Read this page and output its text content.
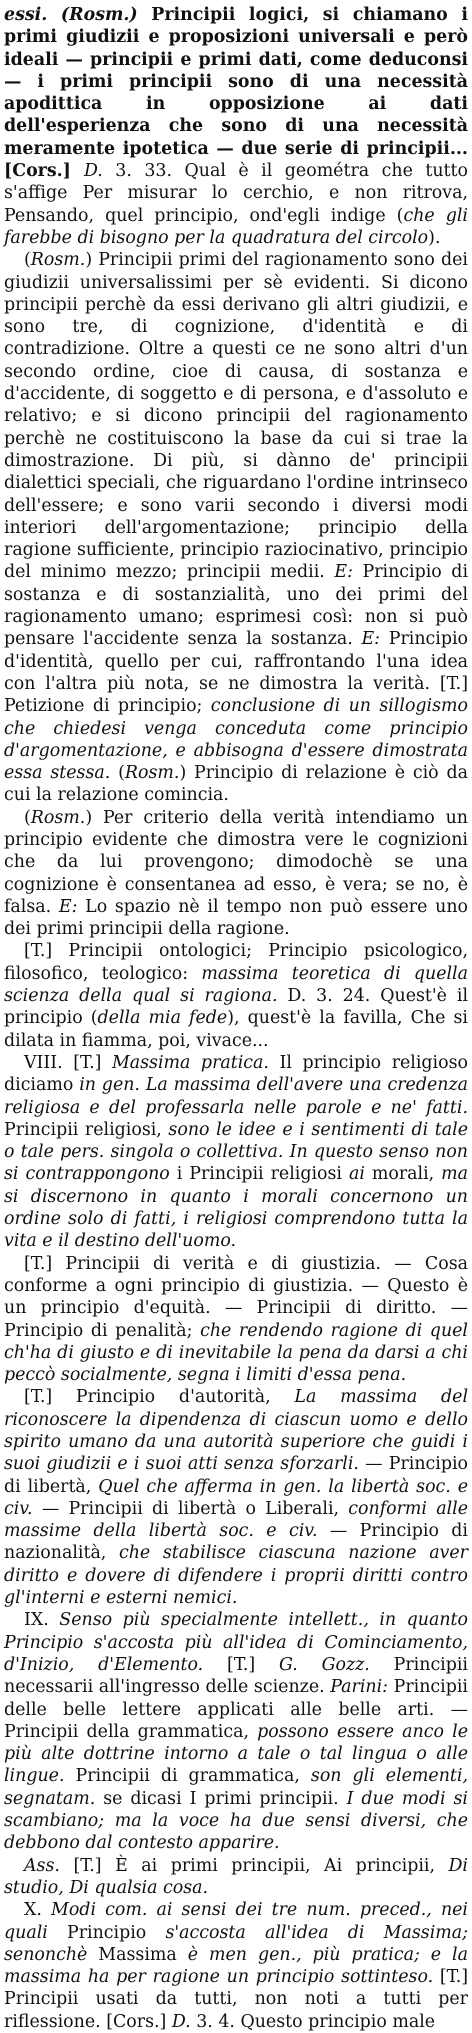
essi. (Rosm.) Principii logici, si chiamano i primi giudizii e proposizioni universali e però ideali — principii e primi dati, come deduconsi — i primi principii sono di una necessità apodittica in opposizione ai dati dell'esperienza che sono di una necessità meramente ipotetica — due serie di principii... [Cors.] D. 3. 33. Qual è il geométra che tutto s'affige Per misurar lo cerchio, e non ritrova, Pensando, quel principio, ond'egli indige (che gli farebbe di bisogno per la quadratura del circolo).

(Rosm.) Principii primi del ragionamento sono dei giudizii universalissimi per sè evidenti. Si dicono principii perchè da essi derivano gli altri giudizii, e sono tre, di cognizione, d'identità e di contradizione. Oltre a questi ce ne sono altri d'un secondo ordine, cioe di causa, di sostanza e d'accidente, di soggetto e di persona, e d'assoluto e relativo; e si dicono principii del ragionamento perchè ne costituiscono la base da cui si trae la dimostrazione. Di più, si dànno de' principii dialettici speciali, che riguardano l'ordine intrinseco dell'essere; e sono varii secondo i diversi modi interiori dell'argomentazione; principio della ragione sufficiente, principio raziocinativo, principio del minimo mezzo; principii medii. E: Principio di sostanza e di sostanzialità, uno dei primi del ragionamento umano; esprimesi così: non si può pensare l'accidente senza la sostanza. E: Principio d'identità, quello per cui, raffrontando l'una idea con l'altra più nota, se ne dimostra la verità. [T.] Petizione di principio; conclusione di un sillogismo che chiedesi venga conceduta come principio d'argomentazione, e abbisogna d'essere dimostrata essa stessa. (Rosm.) Principio di relazione è ciò da cui la relazione comincia.

(Rosm.) Per criterio della verità intendiamo un principio evidente che dimostra vere le cognizioni che da lui provengono; dimodochè se una cognizione è consentanea ad esso, è vera; se no, è falsa. E: Lo spazio nè il tempo non può essere uno dei primi principii della ragione.

[T.] Principii ontologici; Principio psicologico, filosofico, teologico: massima teoretica di quella scienza della qual si ragiona. D. 3. 24. Quest'è il principio (della mia fede), quest'è la favilla, Che si dilata in fiamma, poi, vivace...

VIII. [T.] Massima pratica. Il principio religioso diciamo in gen. La massima dell'avere una credenza religiosa e del professarla nelle parole e ne' fatti. Principii religiosi, sono le idee e i sentimenti di tale o tale pers. singola o collettiva. In questo senso non si contrappongono i Principii religiosi ai morali, ma si discernono in quanto i morali concernono un ordine solo di fatti, i religiosi comprendono tutta la vita e il destino dell'uomo.

[T.] Principii di verità e di giustizia. — Cosa conforme a ogni principio di giustizia. — Questo è un principio d'equità. — Principii di diritto. — Principio di penalità; che rendendo ragione di quel ch'ha di giusto e di inevitabile la pena da darsi a chi peccò socialmente, segna i limiti d'essa pena.

[T.] Principio d'autorità, La massima del riconoscere la dipendenza di ciascun uomo e dello spirito umano da una autorità superiore che guidi i suoi giudizii e i suoi atti senza sforzarli. — Principio di libertà, Quel che afferma in gen. la libertà soc. e civ. — Principii di libertà o Liberali, conformi alle massime della libertà soc. e civ. — Principio di nazionalità, che stabilisce ciascuna nazione aver diritto e dovere di difendere i proprii diritti contro gl'interni e esterni nemici.

IX. Senso più specialmente intellett., in quanto Principio s'accosta più all'idea di Cominciamento, d'Inizio, d'Elemento. [T.] G. Gozz. Principii necessarii all'ingresso delle scienze. Parini: Principii delle belle lettere applicati alle belle arti. — Principii della grammatica, possono essere anco le più alte dottrine intorno a tale o tal lingua o alle lingue. Principii di grammatica, son gli elementi, segnatam. se dicasi I primi principii. I due modi si scambiano; ma la voce ha due sensi diversi, che debbono dal contesto apparire.

Ass. [T.] È ai primi principii, Ai principii, Di studio, Di qualsia cosa.

X. Modi com. ai sensi dei tre num. preced., nei quali Principio s'accosta all'idea di Massima; senonchè Massima è men gen., più pratica; e la massima ha per ragione un principio sottinteso. [T.] Principii usati da tutti, non noti a tutti per riflessione. [Cors.] D. 3. 4. Questo principio male
